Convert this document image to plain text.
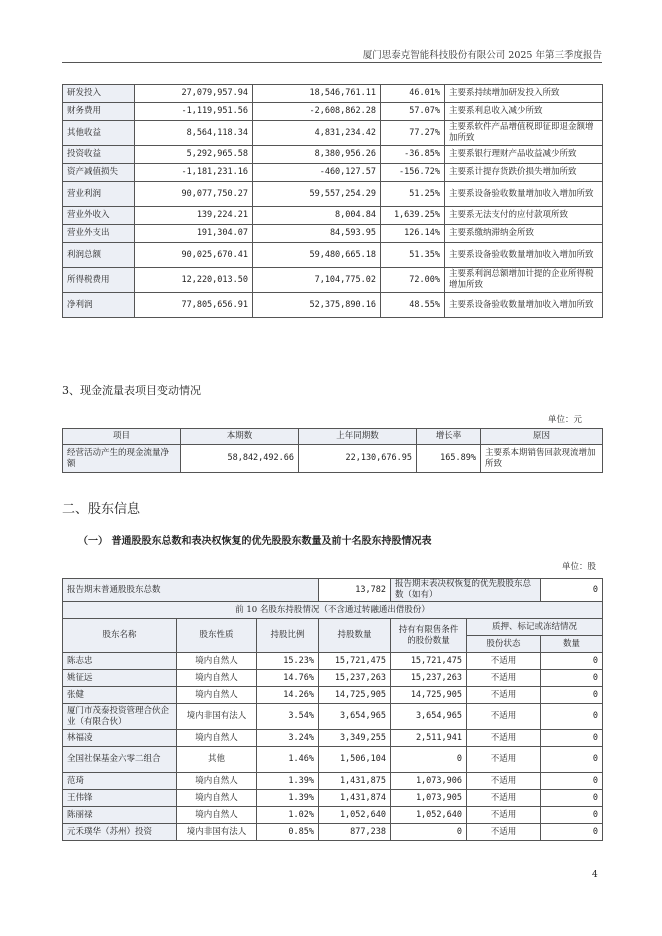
厦门思泰克智能科技股份有限公司 2025 年第三季度报告
研发投入	27,079,957.94	18,546,761.11	46.01%	主要系持续增加研发投入所致
财务费用	-1,119,951.56	-2,608,862.28	57.07%	主要系利息收入减少所致
其他收益	8,564,118.34	4,831,234.42	77.27%	主要系软件产品增值税即征即退金额增加所致
投资收益	5,292,965.58	8,380,956.26	-36.85%	主要系银行理财产品收益减少所致
资产减值损失	-1,181,231.16	-460,127.57	-156.72%	主要系计提存货跌价损失增加所致
营业利润	90,077,750.27	59,557,254.29	51.25%	主要系设备验收数量增加收入增加所致
营业外收入	139,224.21	8,004.84	1,639.25%	主要系无法支付的应付款项所致
营业外支出	191,304.07	84,593.95	126.14%	主要系缴纳滞纳金所致
利润总额	90,025,670.41	59,480,665.18	51.35%	主要系设备验收数量增加收入增加所致
所得税费用	12,220,013.50	7,104,775.02	72.00%	主要系利润总额增加计提的企业所得税增加所致
净利润	77,805,656.91	52,375,890.16	48.55%	主要系设备验收数量增加收入增加所致
3、现金流量表项目变动情况
单位：元
项目	本期数	上年同期数	增长率	原因
经营活动产生的现金流量净额	58,842,492.66	22,130,676.95	165.89%	主要系本期销售回款现流增加所致
二、股东信息
（一） 普通股股东总数和表决权恢复的优先股股东数量及前十名股东持股情况表
单位：股
报告期末普通股股东总数			13,782	报告期末表决权恢复的优先股股东总数（如有）		0
前 10 名股东持股情况（不含通过转融通出借股份）						
股东名称	股东性质	持股比例	持股数量	持有有限售条件的股份数量	质押、标记或冻结情况	
					股份状态	数量
陈志忠	境内自然人	15.23%	15,721,475	15,721,475	不适用	0
姚征远	境内自然人	14.76%	15,237,263	15,237,263	不适用	0
张健	境内自然人	14.26%	14,725,905	14,725,905	不适用	0
厦门市茂泰投资管理合伙企业（有限合伙）	境内非国有法人	3.54%	3,654,965	3,654,965	不适用	0
林福凌	境内自然人	3.24%	3,349,255	2,511,941	不适用	0
全国社保基金六零二组合	其他	1.46%	1,506,104	0	不适用	0
范琦	境内自然人	1.39%	1,431,875	1,073,906	不适用	0
王伟锋	境内自然人	1.39%	1,431,874	1,073,905	不适用	0
陈丽禄	境内自然人	1.02%	1,052,640	1,052,640	不适用	0
元禾璞华（苏州）投资	境内非国有法人	0.85%	877,238	0	不适用	0
4
